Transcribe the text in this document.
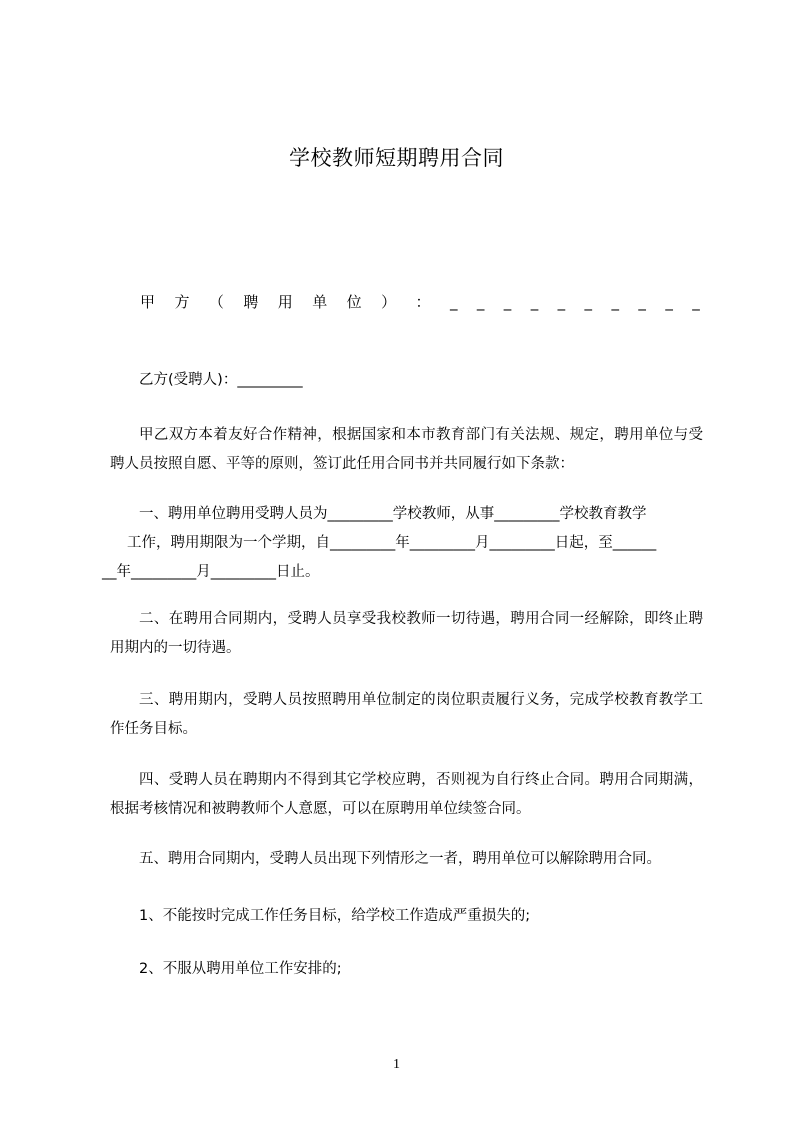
学校教师短期聘用合同
甲 方 （ 聘 用 单 位 ） ： _ _ _ _ _ _ _ _ _ _
乙方(受聘人)：_________

甲乙双方本着友好合作精神，根据国家和本市教育部门有关法规、规定，聘用单位与受聘人员按照自愿、平等的原则，签订此任用合同书并共同履行如下条款：

一、聘用单位聘用受聘人员为_________学校教师，从事_________学校教育教学
工作，聘用期限为一个学期，自_________年_________月_________日起，至______
__年_________月_________日止。

二、在聘用合同期内，受聘人员享受我校教师一切待遇，聘用合同一经解除，即终止聘用期内的一切待遇。

三、聘用期内，受聘人员按照聘用单位制定的岗位职责履行义务，完成学校教育教学工作任务目标。

四、受聘人员在聘期内不得到其它学校应聘，否则视为自行终止合同。聘用合同期满，根据考核情况和被聘教师个人意愿，可以在原聘用单位续签合同。

五、聘用合同期内，受聘人员出现下列情形之一者，聘用单位可以解除聘用合同。
1、不能按时完成工作任务目标，给学校工作造成严重损失的;
2、不服从聘用单位工作安排的;
1
